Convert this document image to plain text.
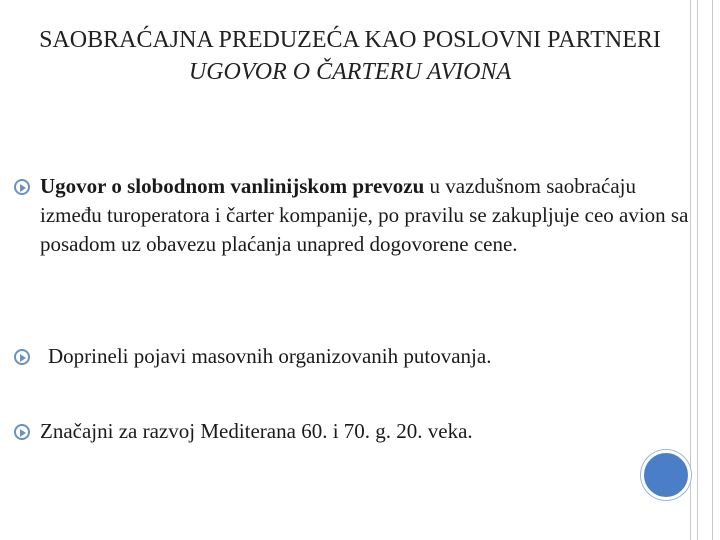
SAOBRAĆAJNA PREDUZEĆA KAO POSLOVNI PARTNERI
UGOVOR O ČARTERU AVIONA
Ugovor o slobodnom vanlinijskom prevozu u vazdušnom saobraćaju između turoperatora i čarter kompanije, po pravilu se zakupljuje ceo avion sa posadom uz obavezu plaćanja unapred dogovorene cene.
Doprineli pojavi masovnih organizovanih putovanja.
Značajni za razvoj Mediterana 60. i 70. g. 20. veka.
